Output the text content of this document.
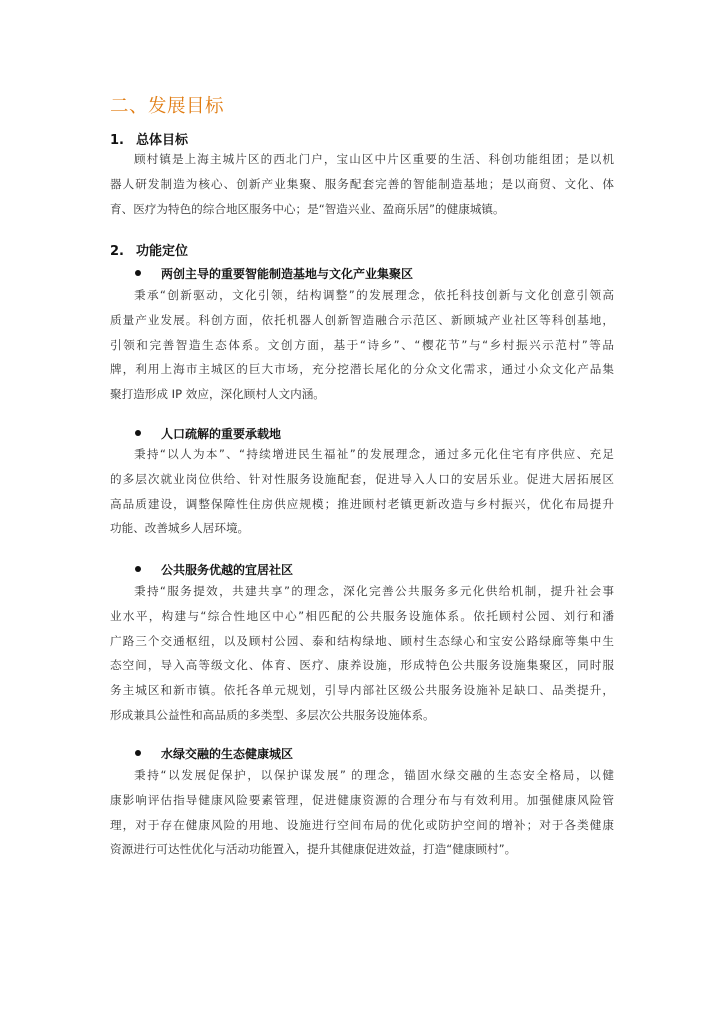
二、发展目标
1. 总体目标
顾村镇是上海主城片区的西北门户，宝山区中片区重要的生活、科创功能组团；是以机
器人研发制造为核心、创新产业集聚、服务配套完善的智能制造基地；是以商贸、文化、体
育、医疗为特色的综合地区服务中心；是“智造兴业、盈商乐居”的健康城镇。
2. 功能定位
两创主导的重要智能制造基地与文化产业集聚区
秉承“创新驱动，文化引领，结构调整”的发展理念，依托科技创新与文化创意引领高
质量产业发展。科创方面，依托机器人创新智造融合示范区、新顾城产业社区等科创基地，
引领和完善智造生态体系。文创方面，基于“诗乡”、“樱花节”与“乡村振兴示范村”等品
牌，利用上海市主城区的巨大市场，充分挖潜长尾化的分众文化需求，通过小众文化产品集
聚打造形成 IP 效应，深化顾村人文内涵。
人口疏解的重要承载地
秉持“以人为本”、“持续增进民生福祉”的发展理念，通过多元化住宅有序供应、充足
的多层次就业岗位供给、针对性服务设施配套，促进导入人口的安居乐业。促进大居拓展区
高品质建设，调整保障性住房供应规模；推进顾村老镇更新改造与乡村振兴，优化布局提升
功能、改善城乡人居环境。
公共服务优越的宜居社区
秉持“服务提效，共建共享”的理念，深化完善公共服务多元化供给机制，提升社会事
业水平，构建与“综合性地区中心”相匹配的公共服务设施体系。依托顾村公园、刘行和潘
广路三个交通枢纽，以及顾村公园、泰和结构绿地、顾村生态绿心和宝安公路绿廊等集中生
态空间，导入高等级文化、体育、医疗、康养设施，形成特色公共服务设施集聚区，同时服
务主城区和新市镇。依托各单元规划，引导内部社区级公共服务设施补足缺口、品类提升，
形成兼具公益性和高品质的多类型、多层次公共服务设施体系。
水绿交融的生态健康城区
秉持“以发展促保护，以保护谋发展” 的理念，锚固水绿交融的生态安全格局，以健
康影响评估指导健康风险要素管理，促进健康资源的合理分布与有效利用。加强健康风险管
理，对于存在健康风险的用地、设施进行空间布局的优化或防护空间的增补；对于各类健康
资源进行可达性优化与活动功能置入，提升其健康促进效益，打造“健康顾村”。
